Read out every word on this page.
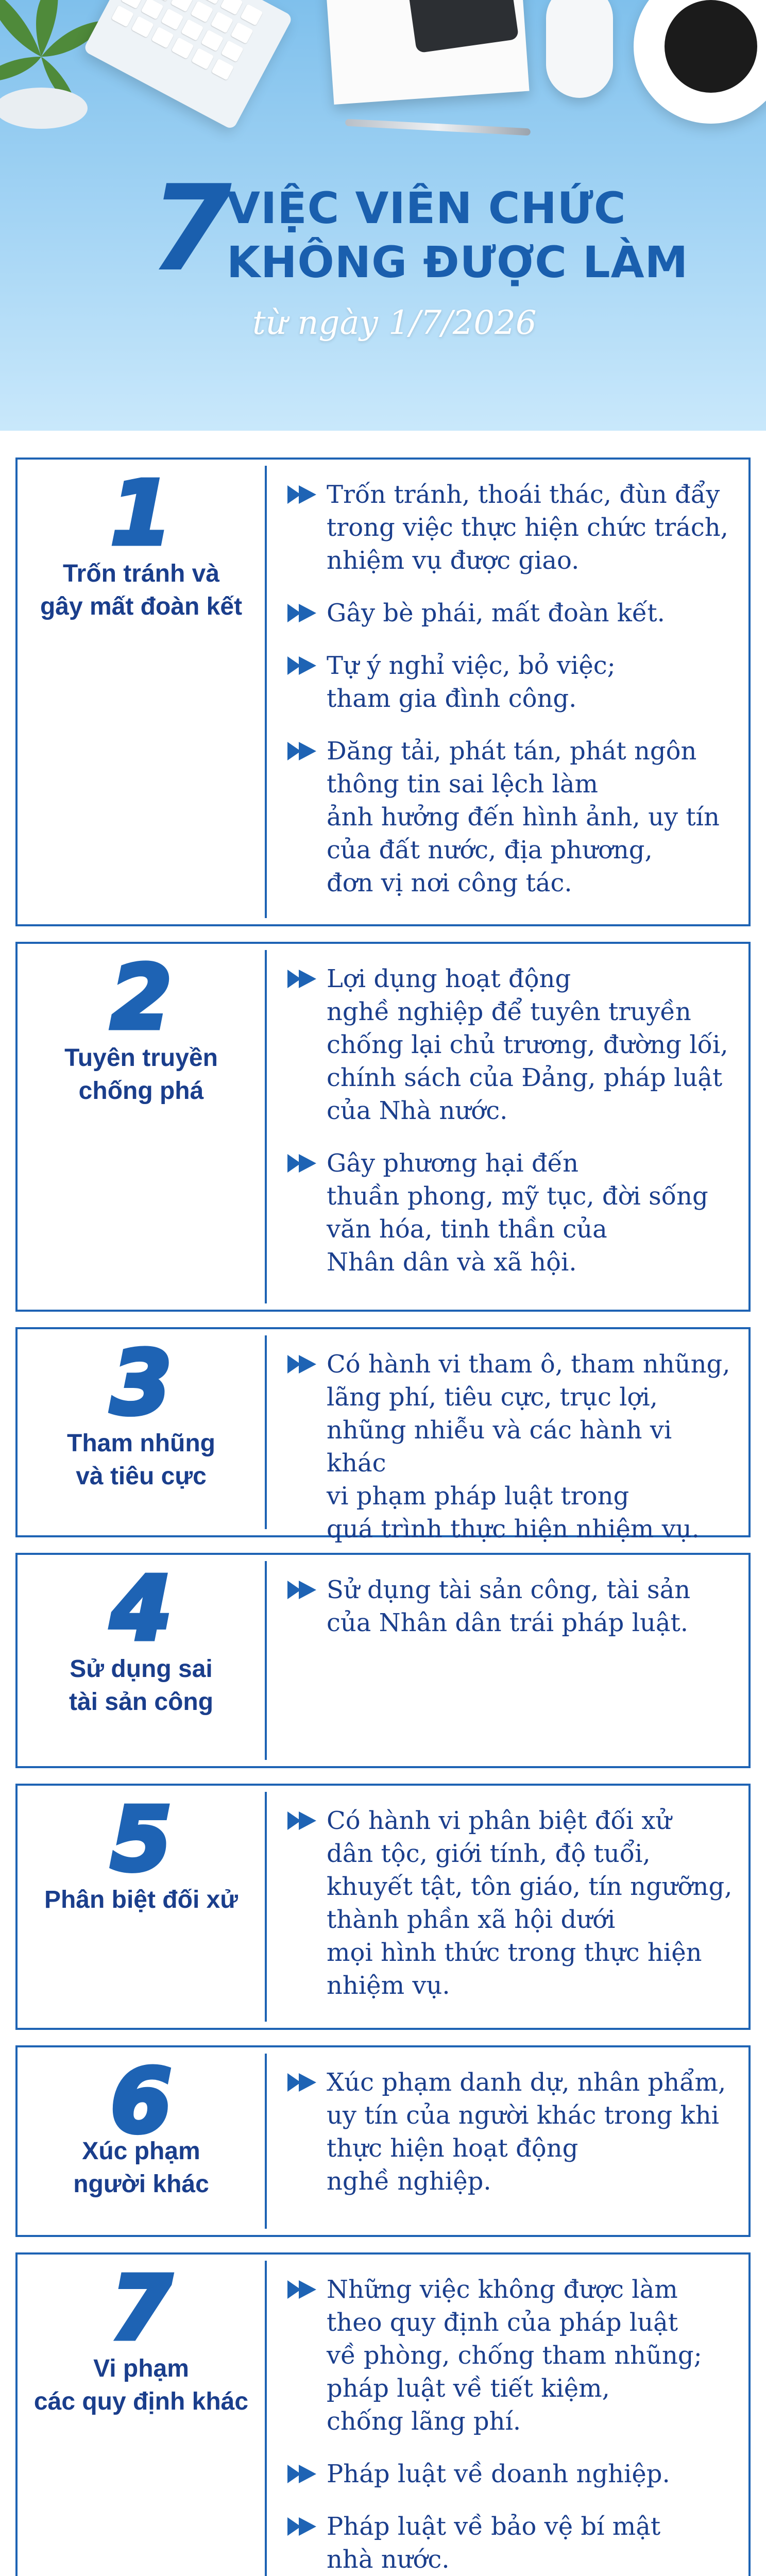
7
VIỆC VIÊN CHỨC
KHÔNG ĐƯỢC LÀM
từ ngày 1/7/2026
1
Trốn tránh và
gây mất đoàn kết
Trốn tránh, thoái thác, đùn đẩy
trong việc thực hiện chức trách,
nhiệm vụ được giao.
Gây bè phái, mất đoàn kết.
Tự ý nghỉ việc, bỏ việc;
tham gia đình công.
Đăng tải, phát tán, phát ngôn
thông tin sai lệch làm
ảnh hưởng đến hình ảnh, uy tín
của đất nước, địa phương,
đơn vị nơi công tác.
2
Tuyên truyền
chống phá
Lợi dụng hoạt động
nghề nghiệp để tuyên truyền
chống lại chủ trương, đường lối,
chính sách của Đảng, pháp luật
của Nhà nước.
Gây phương hại đến
thuần phong, mỹ tục, đời sống
văn hóa, tinh thần của
Nhân dân và xã hội.
3
Tham nhũng
và tiêu cực
Có hành vi tham ô, tham nhũng,
lãng phí, tiêu cực, trục lợi,
nhũng nhiễu và các hành vi khác
vi phạm pháp luật trong
quá trình thực hiện nhiệm vụ.
4
Sử dụng sai
tài sản công
Sử dụng tài sản công, tài sản
của Nhân dân trái pháp luật.
5
Phân biệt đối xử
Có hành vi phân biệt đối xử
dân tộc, giới tính, độ tuổi,
khuyết tật, tôn giáo, tín ngưỡng,
thành phần xã hội dưới
mọi hình thức trong thực hiện
nhiệm vụ.
6
Xúc phạm
người khác
Xúc phạm danh dự, nhân phẩm,
uy tín của người khác trong khi
thực hiện hoạt động
nghề nghiệp.
7
Vi phạm
các quy định khác
Những việc không được làm
theo quy định của pháp luật
về phòng, chống tham nhũng;
pháp luật về tiết kiệm,
chống lãng phí.
Pháp luật về doanh nghiệp.
Pháp luật về bảo vệ bí mật
nhà nước.
